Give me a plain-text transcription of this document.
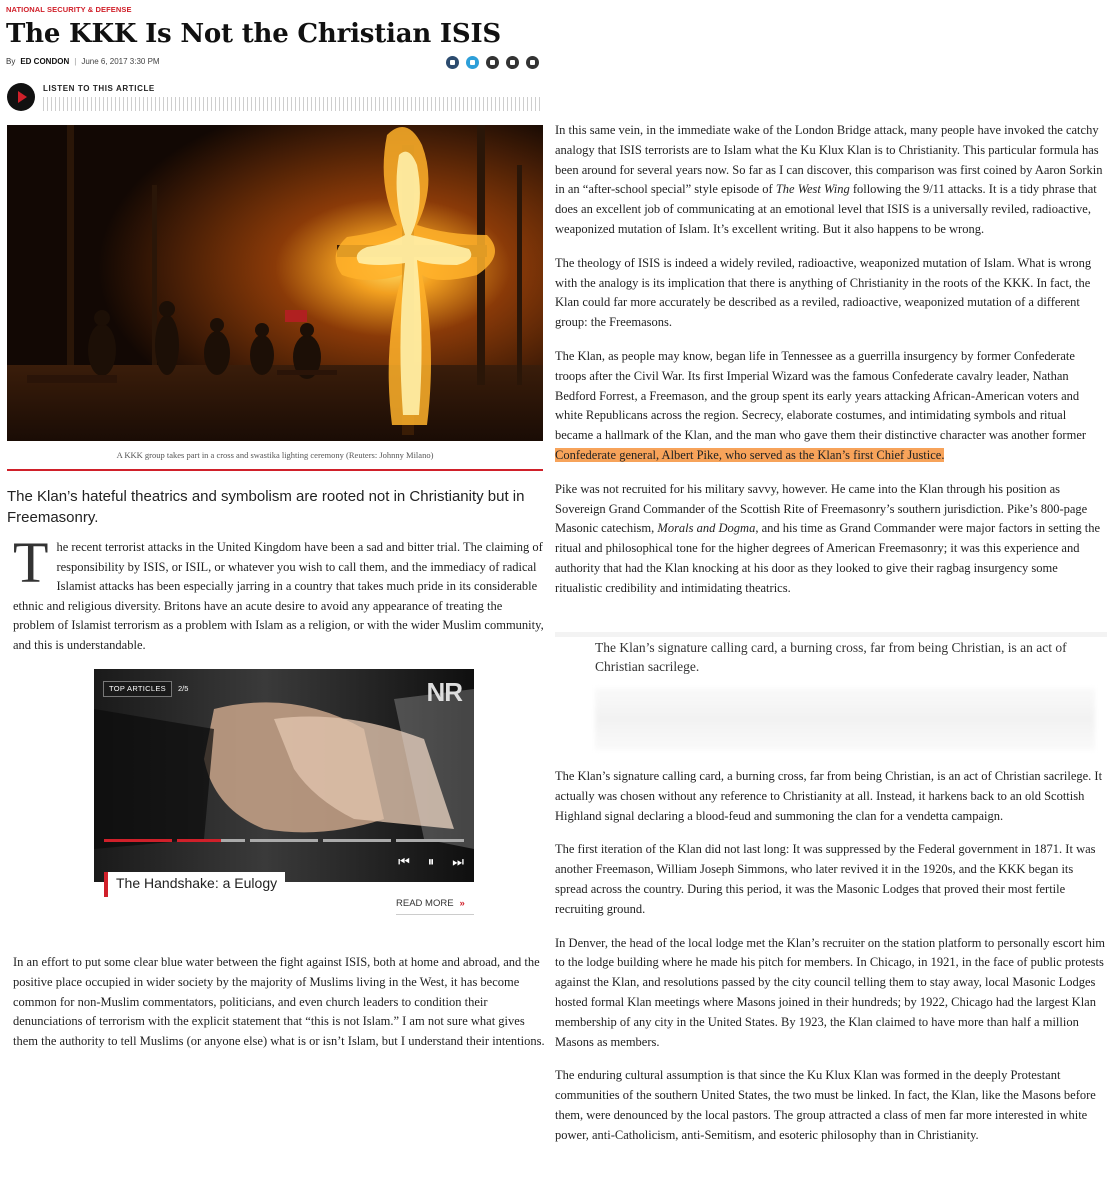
NATIONAL SECURITY & DEFENSE
The KKK Is Not the Christian ISIS
By ED CONDON | June 6, 2017 3:30 PM
LISTEN TO THIS ARTICLE
A KKK group takes part in a cross and swastika lighting ceremony (Reuters: Johnny Milano)
The Klan’s hateful theatrics and symbolism are rooted not in Christianity but in Freemasonry.
The recent terrorist attacks in the United Kingdom have been a sad and bitter trial. The claiming of responsibility by ISIS, or ISIL, or whatever you wish to call them, and the immediacy of radical Islamist attacks has been especially jarring in a country that takes much pride in its considerable ethnic and religious diversity. Britons have an acute desire to avoid any appearance of treating the problem of Islamist terrorism as a problem with Islam as a religion, or with the wider Muslim community, and this is understandable.
TOP ARTICLES	2/5	NR
⏮ ⏸ ⏭
The Handshake: a Eulogy
READ MORE »
In an effort to put some clear blue water between the fight against ISIS, both at home and abroad, and the positive place occupied in wider society by the majority of Muslims living in the West, it has become common for non-Muslim commentators, politicians, and even church leaders to condition their denunciations of terrorism with the explicit statement that “this is not Islam.” I am not sure what gives them the authority to tell Muslims (or anyone else) what is or isn’t Islam, but I understand their intentions.

In this same vein, in the immediate wake of the London Bridge attack, many people have invoked the catchy analogy that ISIS terrorists are to Islam what the Ku Klux Klan is to Christianity. This particular formula has been around for several years now. So far as I can discover, this comparison was first coined by Aaron Sorkin in an “after-school special” style episode of The West Wing following the 9/11 attacks. It is a tidy phrase that does an excellent job of communicating at an emotional level that ISIS is a universally reviled, radioactive, weaponized mutation of Islam. It’s excellent writing. But it also happens to be wrong.

The theology of ISIS is indeed a widely reviled, radioactive, weaponized mutation of Islam. What is wrong with the analogy is its implication that there is anything of Christianity in the roots of the KKK. In fact, the Klan could far more accurately be described as a reviled, radioactive, weaponized mutation of a different group: the Freemasons.

The Klan, as people may know, began life in Tennessee as a guerrilla insurgency by former Confederate troops after the Civil War. Its first Imperial Wizard was the famous Confederate cavalry leader, Nathan Bedford Forrest, a Freemason, and the group spent its early years attacking African-American voters and white Republicans across the region. Secrecy, elaborate costumes, and intimidating symbols and ritual became a hallmark of the Klan, and the man who gave them their distinctive character was another former Confederate general, Albert Pike, who served as the Klan’s first Chief Justice.

Pike was not recruited for his military savvy, however. He came into the Klan through his position as Sovereign Grand Commander of the Scottish Rite of Freemasonry’s southern jurisdiction. Pike’s 800-page Masonic catechism, Morals and Dogma, and his time as Grand Commander were major factors in setting the ritual and philosophical tone for the higher degrees of American Freemasonry; it was this experience and authority that had the Klan knocking at his door as they looked to give their ragbag insurgency some ritualistic credibility and intimidating theatrics.

The Klan’s signature calling card, a burning cross, far from being Christian, is an act of Christian sacrilege.

The Klan’s signature calling card, a burning cross, far from being Christian, is an act of Christian sacrilege. It actually was chosen without any reference to Christianity at all. Instead, it harkens back to an old Scottish Highland signal declaring a blood-feud and summoning the clan for a vendetta campaign.

The first iteration of the Klan did not last long: It was suppressed by the Federal government in 1871. It was another Freemason, William Joseph Simmons, who later revived it in the 1920s, and the KKK began its spread across the country. During this period, it was the Masonic Lodges that proved their most fertile recruiting ground.

In Denver, the head of the local lodge met the Klan’s recruiter on the station platform to personally escort him to the lodge building where he made his pitch for members. In Chicago, in 1921, in the face of public protests against the Klan, and resolutions passed by the city council telling them to stay away, local Masonic Lodges hosted formal Klan meetings where Masons joined in their hundreds; by 1922, Chicago had the largest Klan membership of any city in the United States. By 1923, the Klan claimed to have more than half a million Masons as members.

The enduring cultural assumption is that since the Ku Klux Klan was formed in the deeply Protestant communities of the southern United States, the two must be linked. In fact, the Klan, like the Masons before them, were denounced by the local pastors. The group attracted a class of men far more interested in white power, anti-Catholicism, anti-Semitism, and esoteric philosophy than in Christianity.
